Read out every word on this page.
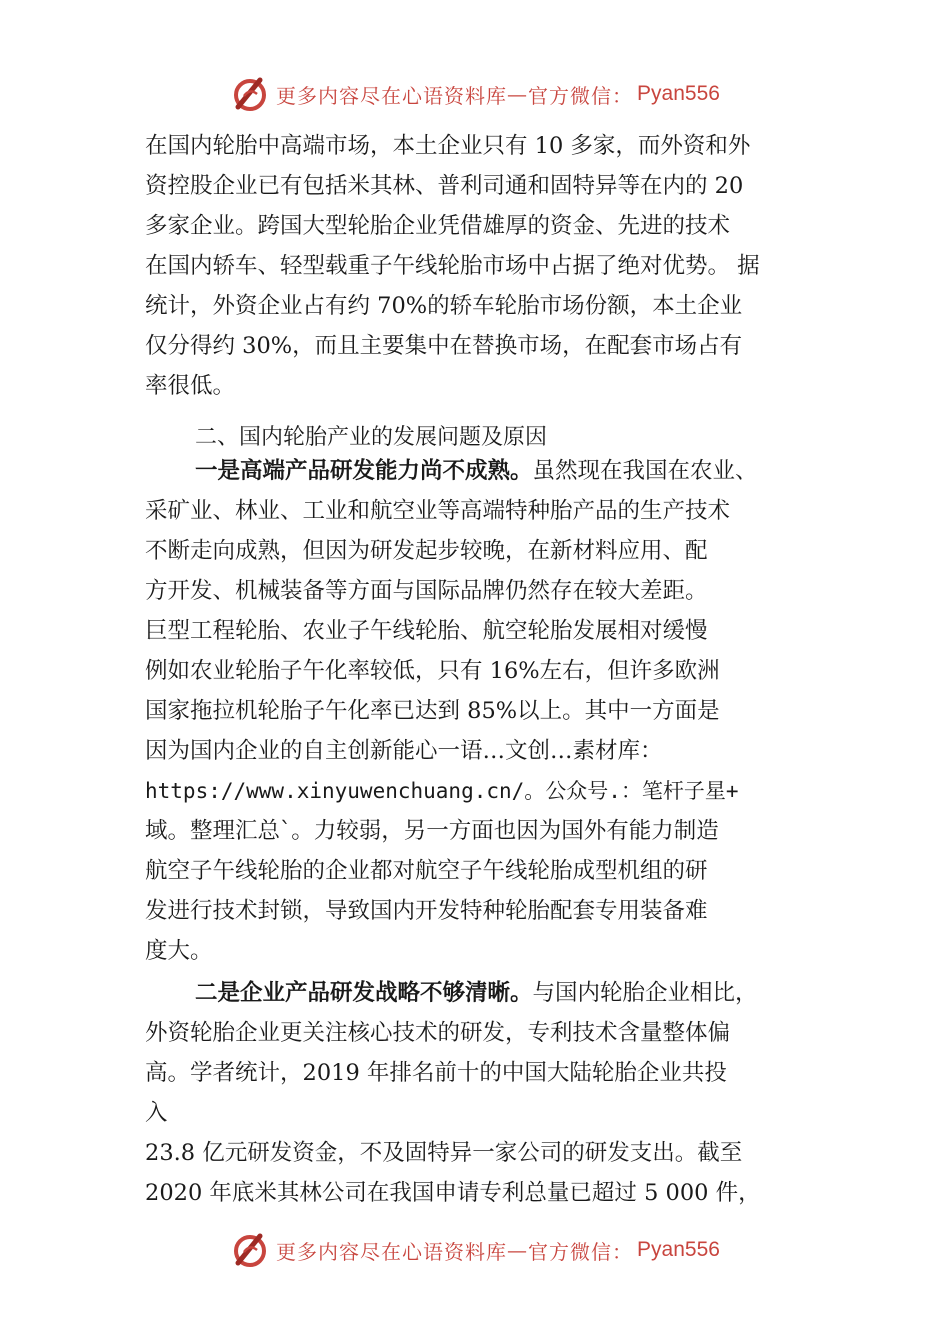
更多内容尽在心语资料库 — 官方微信： Pyan556
在国内轮胎中高端市场，本土企业只有 10 多家，而外资和外
资控股企业已有包括米其林、普利司通和固特异等在内的 20
多家企业。跨国大型轮胎企业凭借雄厚的资金、先进的技术
在国内轿车、轻型载重子午线轮胎市场中占据了绝对优势。 据
统计，外资企业占有约 70%的轿车轮胎市场份额，本土企业
仅分得约 30%，而且主要集中在替换市场，在配套市场占有
率很低。
二、国内轮胎产业的发展问题及原因
一是高端产品研发能力尚不成熟。虽然现在我国在农业、
采矿业、林业、工业和航空业等高端特种胎产品的生产技术
不断走向成熟，但因为研发起步较晚，在新材料应用、配
方开发、机械装备等方面与国际品牌仍然存在较大差距。
巨型工程轮胎、农业子午线轮胎、航空轮胎发展相对缓慢
例如农业轮胎子午化率较低，只有 16%左右，但许多欧洲
国家拖拉机轮胎子午化率已达到 85%以上。其中一方面是
因为国内企业的自主创新能心一语…文创…素材库：
https://www.xinyuwenchuang.cn/。公众号.：笔杆子星+
域。整理汇总`。力较弱，另一方面也因为国外有能力制造
航空子午线轮胎的企业都对航空子午线轮胎成型机组的研
发进行技术封锁，导致国内开发特种轮胎配套专用装备难
度大。
二是企业产品研发战略不够清晰。与国内轮胎企业相比，
外资轮胎企业更关注核心技术的研发，专利技术含量整体偏
高。学者统计，2019 年排名前十的中国大陆轮胎企业共投
入
23.8 亿元研发资金，不及固特异一家公司的研发支出。截至
2020 年底米其林公司在我国申请专利总量已超过 5 000 件，
更多内容尽在心语资料库 — 官方微信： Pyan556
